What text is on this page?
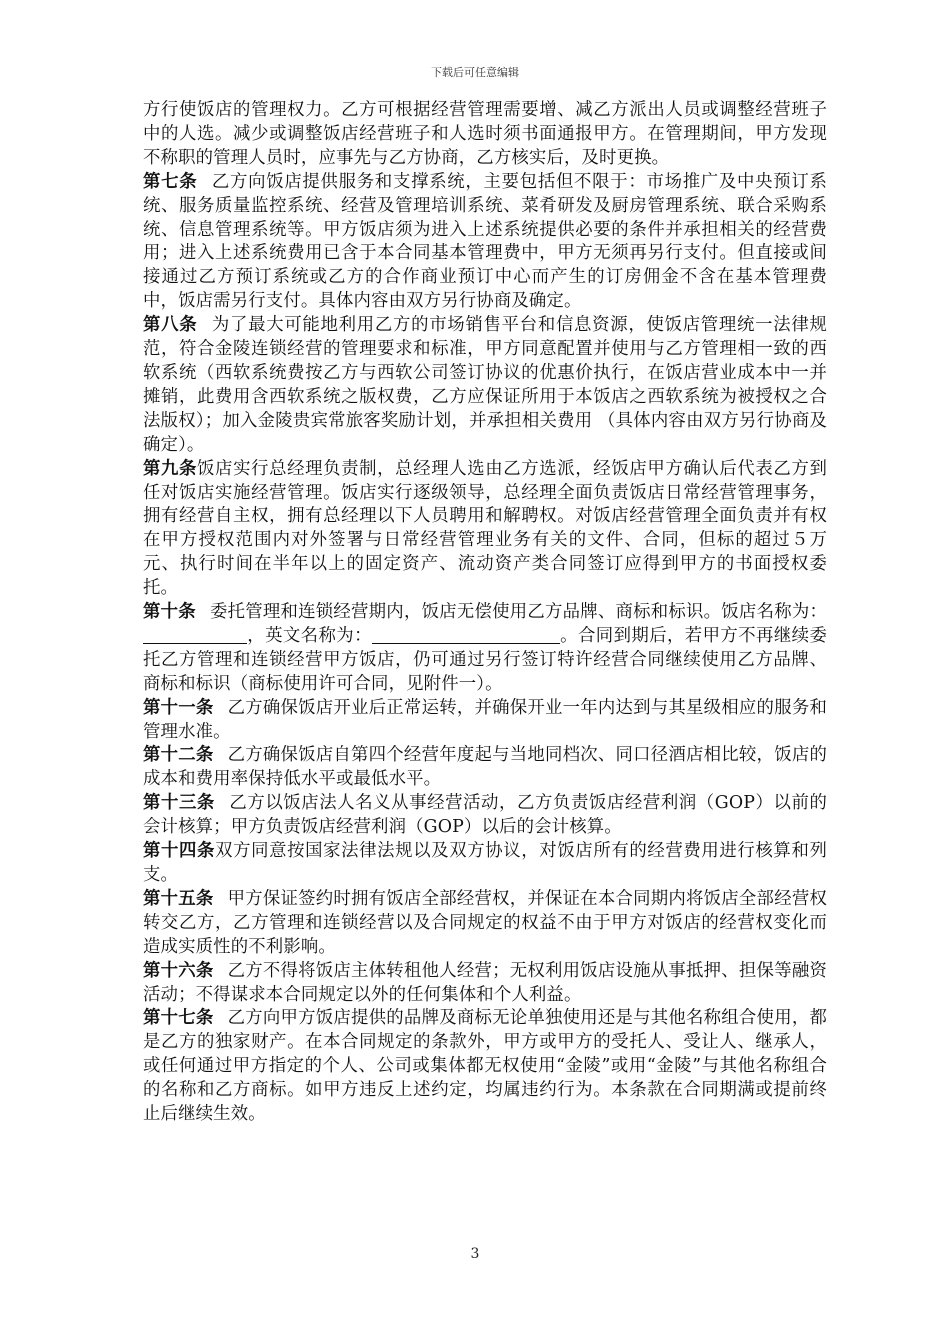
下载后可任意编辑

方行使饭店的管理权力。乙方可根据经营管理需要增、减乙方派出人员或调整经营班子中的人选。减少或调整饭店经营班子和人选时须书面通报甲方。在管理期间，甲方发现不称职的管理人员时，应事先与乙方协商，乙方核实后，及时更换。

第七条 乙方向饭店提供服务和支撑系统，主要包括但不限于：市场推广及中央预订系统、服务质量监控系统、经营及管理培训系统、菜肴研发及厨房管理系统、联合采购系统、信息管理系统等。甲方饭店须为进入上述系统提供必要的条件并承担相关的经营费用；进入上述系统费用已含于本合同基本管理费中，甲方无须再另行支付。但直接或间接通过乙方预订系统或乙方的合作商业预订中心而产生的订房佣金不含在基本管理费中，饭店需另行支付。具体内容由双方另行协商及确定。

第八条 为了最大可能地利用乙方的市场销售平台和信息资源，使饭店管理统一法律规范，符合金陵连锁经营的管理要求和标准，甲方同意配置并使用与乙方管理相一致的西软系统（西软系统费按乙方与西软公司签订协议的优惠价执行，在饭店营业成本中一并摊销，此费用含西软系统之版权费，乙方应保证所用于本饭店之西软系统为被授权之合法版权）；加入金陵贵宾常旅客奖励计划，并承担相关费用 （具体内容由双方另行协商及确定）。

第九条饭店实行总经理负责制，总经理人选由乙方选派，经饭店甲方确认后代表乙方到任对饭店实施经营管理。饭店实行逐级领导，总经理全面负责饭店日常经营管理事务，拥有经营自主权，拥有总经理以下人员聘用和解聘权。对饭店经营管理全面负责并有权在甲方授权范围内对外签署与日常经营管理业务有关的文件、合同，但标的超过５万元、执行时间在半年以上的固定资产、流动资产类合同签订应得到甲方的书面授权委托。

第十条 委托管理和连锁经营期内，饭店无偿使用乙方品牌、商标和标识。饭店名称为：，英文名称为：	。合同到期后，若甲方不再继续委托乙方管理和连锁经营甲方饭店，仍可通过另行签订特许经营合同继续使用乙方品牌、商标和标识（商标使用许可合同，见附件一）。

第十一条 乙方确保饭店开业后正常运转，并确保开业一年内达到与其星级相应的服务和管理水准。

第十二条 乙方确保饭店自第四个经营年度起与当地同档次、同口径酒店相比较，饭店的成本和费用率保持低水平或最低水平。

第十三条 乙方以饭店法人名义从事经营活动，乙方负责饭店经营利润（GOP）以前的会计核算；甲方负责饭店经营利润（GOP）以后的会计核算。

第十四条双方同意按国家法律法规以及双方协议，对饭店所有的经营费用进行核算和列支。

第十五条 甲方保证签约时拥有饭店全部经营权，并保证在本合同期内将饭店全部经营权转交乙方，乙方管理和连锁经营以及合同规定的权益不由于甲方对饭店的经营权变化而造成实质性的不利影响。

第十六条 乙方不得将饭店主体转租他人经营；无权利用饭店设施从事抵押、担保等融资活动；不得谋求本合同规定以外的任何集体和个人利益。

第十七条 乙方向甲方饭店提供的品牌及商标无论单独使用还是与其他名称组合使用，都是乙方的独家财产。在本合同规定的条款外，甲方或甲方的受托人、受让人、继承人，或任何通过甲方指定的个人、公司或集体都无权使用“金陵”或用“金陵”与其他名称组合的名称和乙方商标。如甲方违反上述约定，均属违约行为。本条款在合同期满或提前终止后继续生效。

3
